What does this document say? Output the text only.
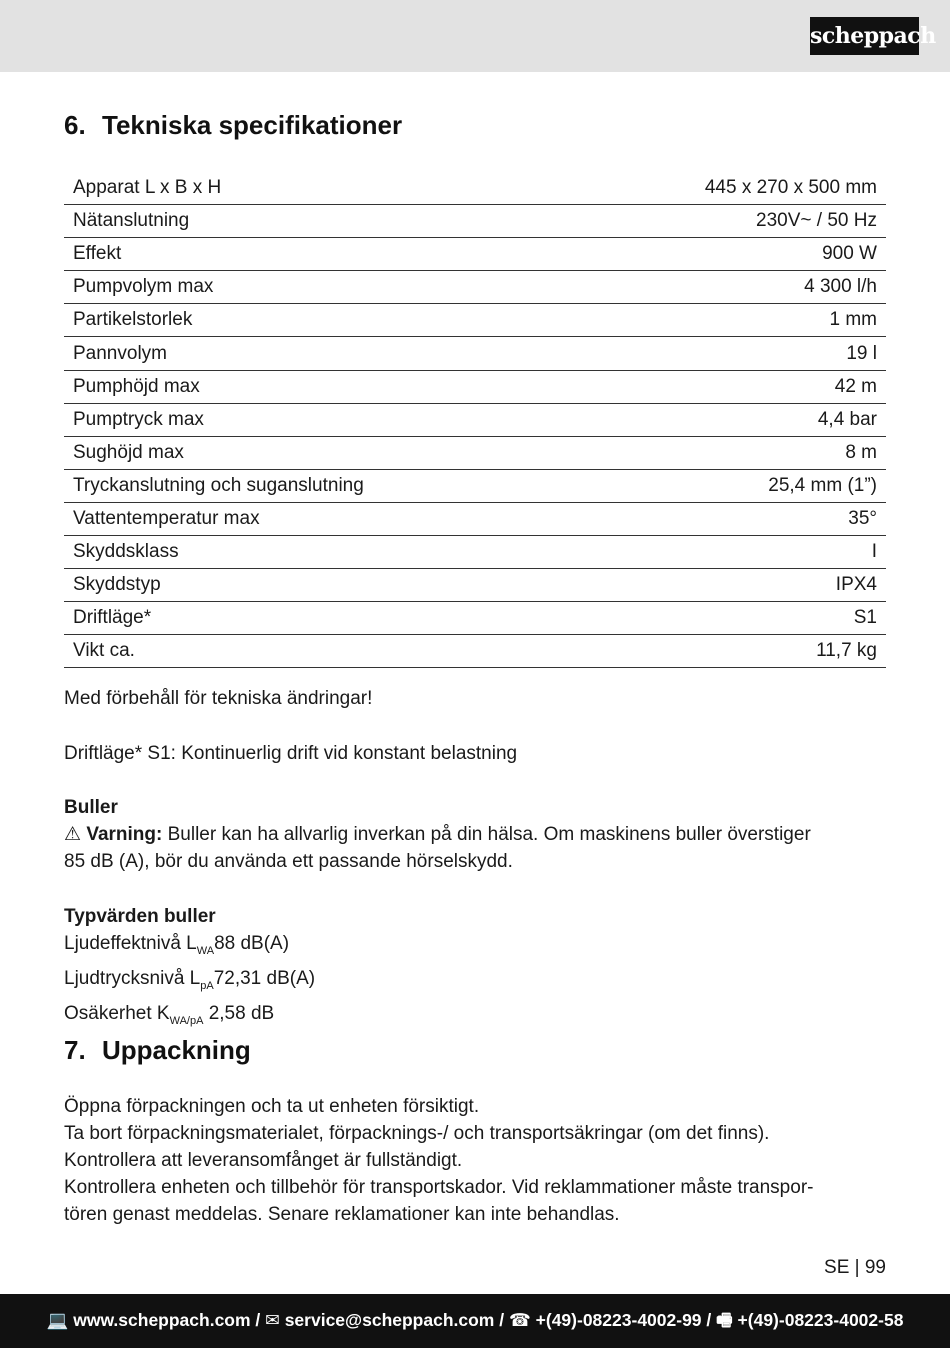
scheppach
6. Tekniska specifikationer
Apparat L x B x H	445 x 270 x 500 mm
Nätanslutning	230V~ / 50 Hz
Effekt	900 W
Pumpvolym max	4 300 l/h
Partikelstorlek	1 mm
Pannvolym	19 l
Pumphöjd max	42 m
Pumptryck max	4,4 bar
Sughöjd max	8 m
Tryckanslutning och suganslutning	25,4 mm (1”)
Vattentemperatur max	35°
Skyddsklass	I
Skyddstyp	IPX4
Driftläge*	S1
Vikt ca.	11,7 kg

Med förbehåll för tekniska ändringar!

Driftläge* S1: Kontinuerlig drift vid konstant belastning

Buller
⚠ Varning: Buller kan ha allvarlig inverkan på din hälsa. Om maskinens buller överstiger
85 dB (A), bör du använda ett passande hörselskydd.
Typvärden buller
Ljudeffektnivå $L_{WA}88$ dB(A)
Ljudtrycksnivå $L_{pA}72,31$ dB(A)
Osäkerhet $K_{WA/pA}$ 2,58 dB
7. Uppackning
Öppna förpackningen och ta ut enheten försiktigt.
Ta bort förpackningsmaterialet, förpacknings-/ och transportsäkringar (om det finns).
Kontrollera att leveransomfånget är fullständigt.
Kontrollera enheten och tillbehör för transportskador. Vid reklammationer måste transpor-
tören genast meddelas. Senare reklamationer kan inte behandlas.
SE | 99
💻 www.scheppach.com / ✉ service@scheppach.com / ☎ +(49)-08223-4002-99 / 🖷 +(49)-08223-4002-58
